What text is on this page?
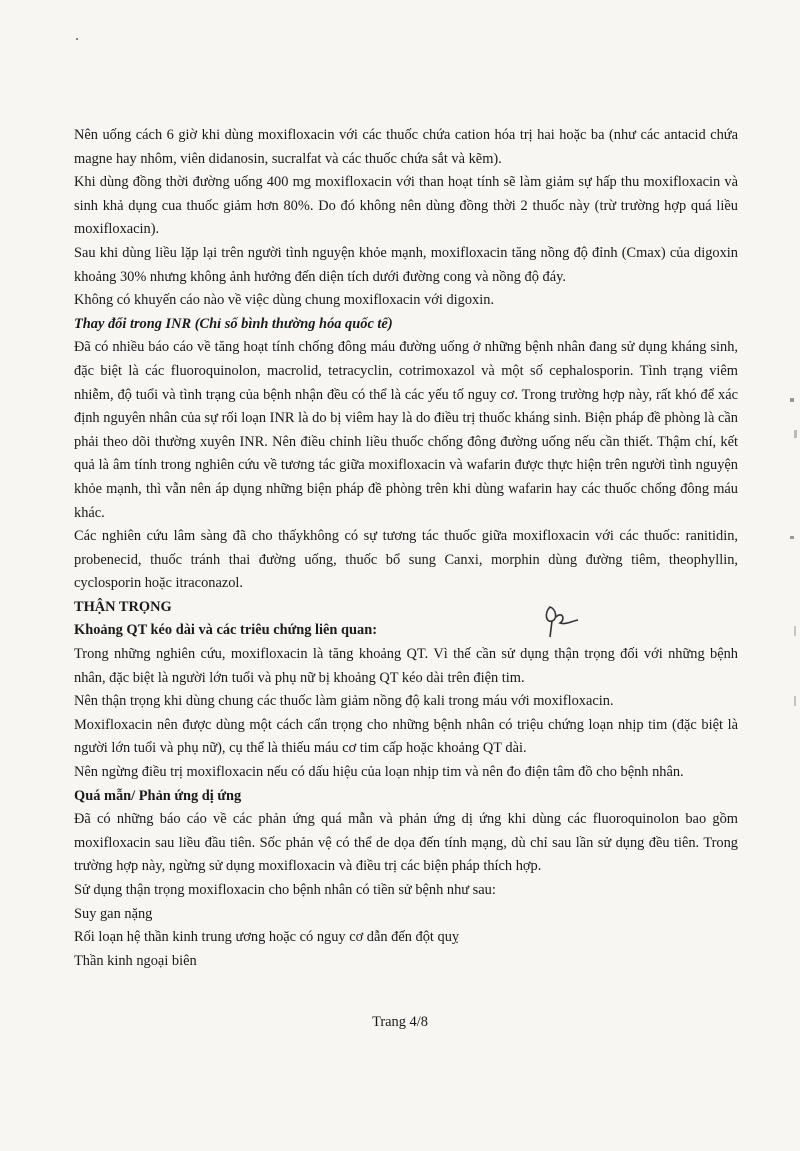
Nên uống cách 6 giờ khi dùng moxifloxacin với các thuốc chứa cation hóa trị hai hoặc ba (như các antacid chứa magne hay nhôm, viên didanosin, sucralfat và các thuốc chứa sắt và kẽm).

Khi dùng đồng thời đường uống 400 mg moxifloxacin với than hoạt tính sẽ làm giảm sự hấp thu moxifloxacin và sinh khả dụng cua thuốc giảm hơn 80%. Do đó không nên dùng đồng thời 2 thuốc này (trừ trường hợp quá liều moxifloxacin).

Sau khi dùng liều lặp lại trên người tình nguyện khỏe mạnh, moxifloxacin tăng nồng độ đỉnh (Cmax) của digoxin khoảng 30% nhưng không ảnh hưởng đến diện tích dưới đường cong và nồng độ đáy.

Không có khuyến cáo nào về việc dùng chung moxifloxacin với digoxin.

Thay đổi trong INR (Chỉ số bình thường hóa quốc tế)

Đã có nhiều báo cáo về tăng hoạt tính chống đông máu đường uống ở những bệnh nhân đang sử dụng kháng sinh, đặc biệt là các fluoroquinolon, macrolid, tetracyclin, cotrimoxazol và một số cephalosporin. Tình trạng viêm nhiễm, độ tuổi và tình trạng của bệnh nhận đều có thể là các yếu tố nguy cơ. Trong trường hợp này, rất khó để xác định nguyên nhân của sự rối loạn INR là do bị viêm hay là do điều trị thuốc kháng sinh. Biện pháp đề phòng là cần phải theo dõi thường xuyên INR. Nên điều chỉnh liều thuốc chống đông đường uống nếu cần thiết. Thậm chí, kết quả là âm tính trong nghiên cứu về tương tác giữa moxifloxacin và wafarin được thực hiện trên người tình nguyện khỏe mạnh, thì vẫn nên áp dụng những biện pháp đề phòng trên khi dùng wafarin hay các thuốc chống đông máu khác.

Các nghiên cứu lâm sàng đã cho thấykhông có sự tương tác thuốc giữa moxifloxacin với các thuốc: ranitidin, probenecid, thuốc tránh thai đường uống, thuốc bổ sung Canxi, morphin dùng đường tiêm, theophyllin, cyclosporin hoặc itraconazol.

THẬN TRỌNG

Khoảng QT kéo dài và các triêu chứng liên quan:

Trong những nghiên cứu, moxifloxacin là tăng khoảng QT. Vì thế cần sử dụng thận trọng đối với những bệnh nhân, đặc biệt là người lớn tuổi và phụ nữ bị khoảng QT kéo dài trên điện tim.

Nên thận trọng khi dùng chung các thuốc làm giảm nồng độ kali trong máu với moxifloxacin.

Moxifloxacin nên được dùng một cách cẩn trọng cho những bệnh nhân có triệu chứng loạn nhịp tim (đặc biệt là người lớn tuổi và phụ nữ), cụ thể là thiếu máu cơ tim cấp hoặc khoảng QT dài.

Nên ngừng điều trị moxifloxacin nếu có dấu hiệu của loạn nhịp tim và nên đo điện tâm đồ cho bệnh nhân.

Quá mẫn/ Phản ứng dị ứng

Đã có những báo cáo về các phản ứng quá mẫn và phản ứng dị ứng khi dùng các fluoroquinolon bao gồm moxifloxacin sau liều đầu tiên. Sốc phản vệ có thể de dọa đến tính mạng, dù chỉ sau lần sử dụng đều tiên. Trong trường hợp này, ngừng sử dụng moxifloxacin và điều trị các biện pháp thích hợp.

Sử dụng thận trọng moxifloxacin cho bệnh nhân có tiền sử bệnh như sau:

Suy gan nặng

Rối loạn hệ thần kinh trung ương hoặc có nguy cơ dẫn đến đột quỵ

Thần kinh ngoại biên

Trang 4/8
